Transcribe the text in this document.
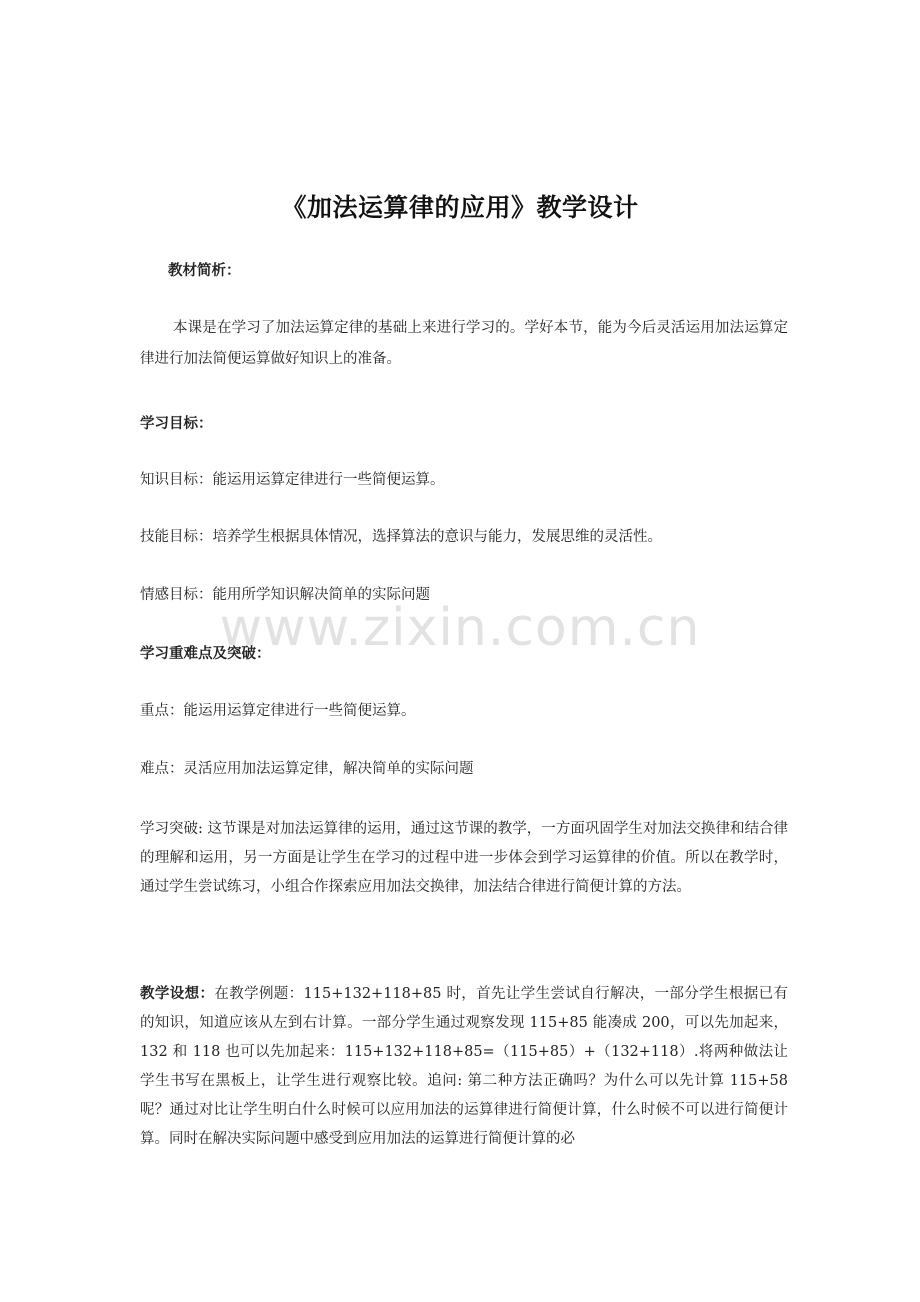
《加法运算律的应用》教学设计
教材简析：
本课是在学习了加法运算定律的基础上来进行学习的。学好本节，能为今后灵活运用加法运算定律进行加法简便运算做好知识上的准备。
学习目标：
知识目标：能运用运算定律进行一些简便运算。
技能目标：培养学生根据具体情况，选择算法的意识与能力，发展思维的灵活性。
情感目标：能用所学知识解决简单的实际问题
学习重难点及突破：
重点：能运用运算定律进行一些简便运算。
难点：灵活应用加法运算定律，解决简单的实际问题
学习突破: 这节课是对加法运算律的运用，通过这节课的教学，一方面巩固学生对加法交换律和结合律的理解和运用，另一方面是让学生在学习的过程中进一步体会到学习运算律的价值。所以在教学时，通过学生尝试练习，小组合作探索应用加法交换律，加法结合律进行简便计算的方法。
教学设想：在教学例题：115+132+118+85 时，首先让学生尝试自行解决，一部分学生根据已有的知识，知道应该从左到右计算。一部分学生通过观察发现 115+85 能凑成 200，可以先加起来，132 和 118 也可以先加起来：115+132+118+85=（115+85）+（132+118）.将两种做法让学生书写在黑板上，让学生进行观察比较。追问: 第二种方法正确吗？为什么可以先计算 115+58 呢？通过对比让学生明白什么时候可以应用加法的运算律进行简便计算，什么时候不可以进行简便计算。同时在解决实际问题中感受到应用加法的运算进行简便计算的必
www.zixin.com.cn
